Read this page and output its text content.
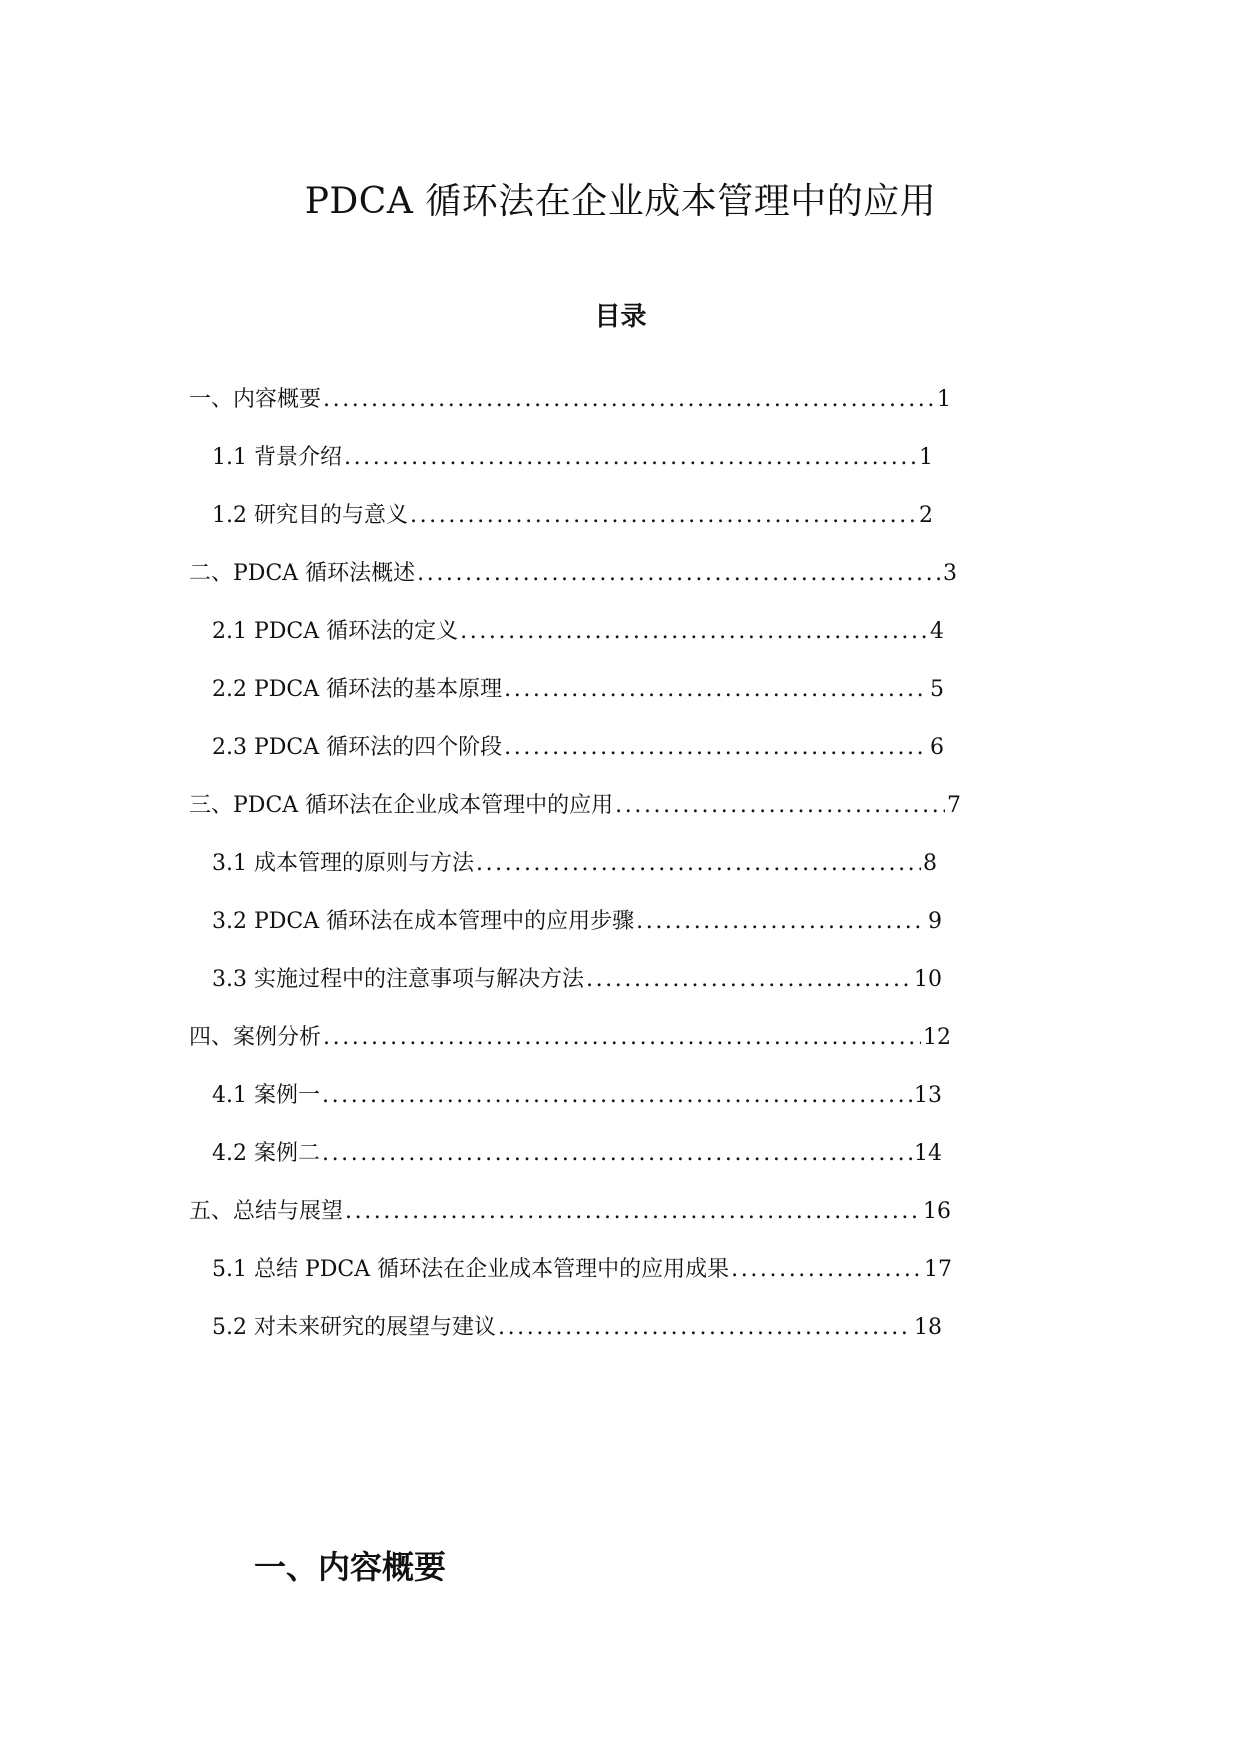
PDCA 循环法在企业成本管理中的应用
目录
一、内容概要 .....	1
1.1 背景介绍 .....	1
1.2 研究目的与意义 .....	2
二、PDCA 循环法概述 .....	3
2.1 PDCA 循环法的定义 .....	4
2.2 PDCA 循环法的基本原理 .....	5
2.3 PDCA 循环法的四个阶段 .....	6
三、PDCA 循环法在企业成本管理中的应用 .....	7
3.1 成本管理的原则与方法 .....	8
3.2 PDCA 循环法在成本管理中的应用步骤 .....	9
3.3 实施过程中的注意事项与解决方法 .....	10
四、案例分析 .....	12
4.1 案例一 .....	13
4.2 案例二 .....	14
五、总结与展望 .....	16
5.1 总结 PDCA 循环法在企业成本管理中的应用成果 .....	17
5.2 对未来研究的展望与建议 .....	18
一、内容概要
